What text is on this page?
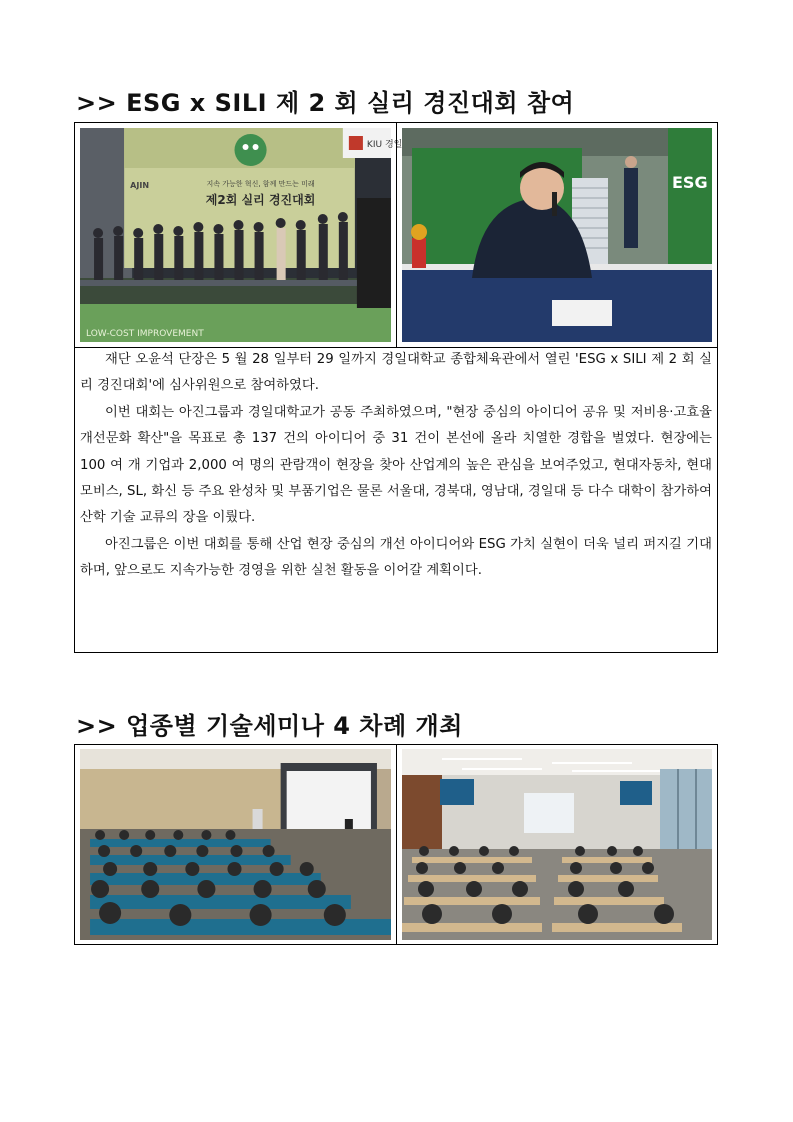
>> ESG x SILI 제 2 회 실리 경진대회 참여
KIU 경일
지속 가능한 혁신, 함께 만드는 미래
제2회 실리 경진대회
AJIN
LOW-COST IMPROVEMENT
ESG

재단 오윤석 단장은 5 월 28 일부터 29 일까지 경일대학교 종합체육관에서 열린 'ESG x SILI 제 2 회 실리 경진대회'에 심사위원으로 참여하였다.

이번 대회는 아진그룹과 경일대학교가 공동 주최하였으며, "현장 중심의 아이디어 공유 및 저비용·고효율 개선문화 확산"을 목표로 총 137 건의 아이디어 중 31 건이 본선에 올라 치열한 경합을 벌였다. 현장에는 100 여 개 기업과 2,000 여 명의 관람객이 현장을 찾아 산업계의 높은 관심을 보여주었고, 현대자동차, 현대모비스, SL, 화신 등 주요 완성차 및 부품기업은 물론 서울대, 경북대, 영남대, 경일대 등 다수 대학이 참가하여 산학 기술 교류의 장을 이뤘다.

아진그룹은 이번 대회를 통해 산업 현장 중심의 개선 아이디어와 ESG 가치 실현이 더욱 널리 퍼지길 기대하며, 앞으로도 지속가능한 경영을 위한 실천 활동을 이어갈 계획이다.

>> 업종별 기술세미나 4 차례 개최
